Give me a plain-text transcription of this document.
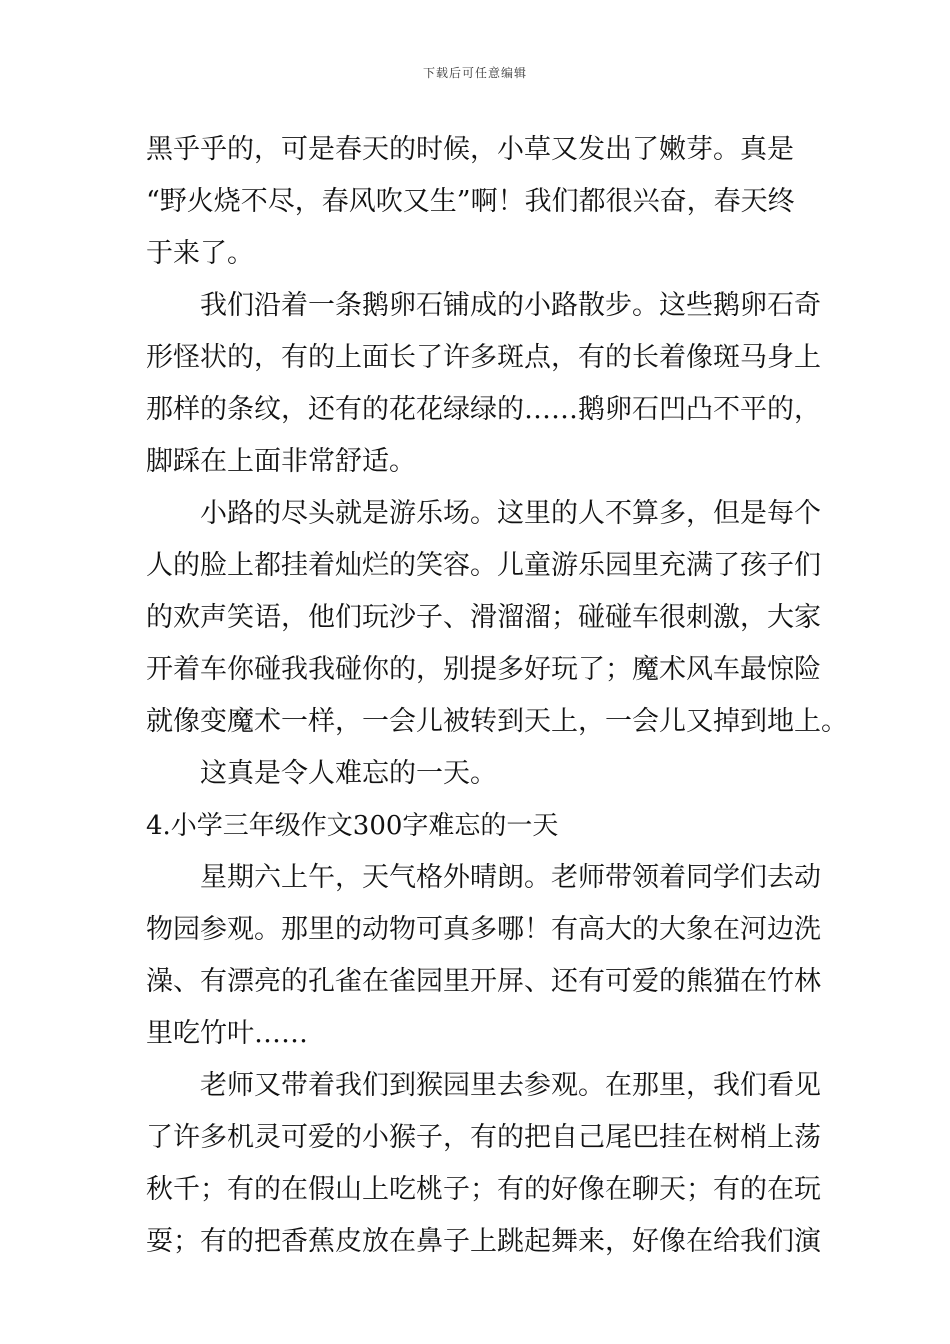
下载后可任意编辑
黑乎乎的，可是春天的时候，小草又发出了嫩芽。真是
“野火烧不尽，春风吹又生”啊！我们都很兴奋，春天终
于来了。
我们沿着一条鹅卵石铺成的小路散步。这些鹅卵石奇
形怪状的，有的上面长了许多斑点，有的长着像斑马身上
那样的条纹，还有的花花绿绿的……鹅卵石凹凸不平的，
脚踩在上面非常舒适。
小路的尽头就是游乐场。这里的人不算多，但是每个
人的脸上都挂着灿烂的笑容。儿童游乐园里充满了孩子们
的欢声笑语，他们玩沙子、滑溜溜；碰碰车很刺激，大家
开着车你碰我我碰你的，别提多好玩了；魔术风车最惊险
就像变魔术一样，一会儿被转到天上，一会儿又掉到地上。
这真是令人难忘的一天。
4.小学三年级作文300字难忘的一天
星期六上午，天气格外晴朗。老师带领着同学们去动
物园参观。那里的动物可真多哪！有高大的大象在河边洗
澡、有漂亮的孔雀在雀园里开屏、还有可爱的熊猫在竹林
里吃竹叶……
老师又带着我们到猴园里去参观。在那里，我们看见
了许多机灵可爱的小猴子，有的把自己尾巴挂在树梢上荡
秋千；有的在假山上吃桃子；有的好像在聊天；有的在玩
耍；有的把香蕉皮放在鼻子上跳起舞来，好像在给我们演
